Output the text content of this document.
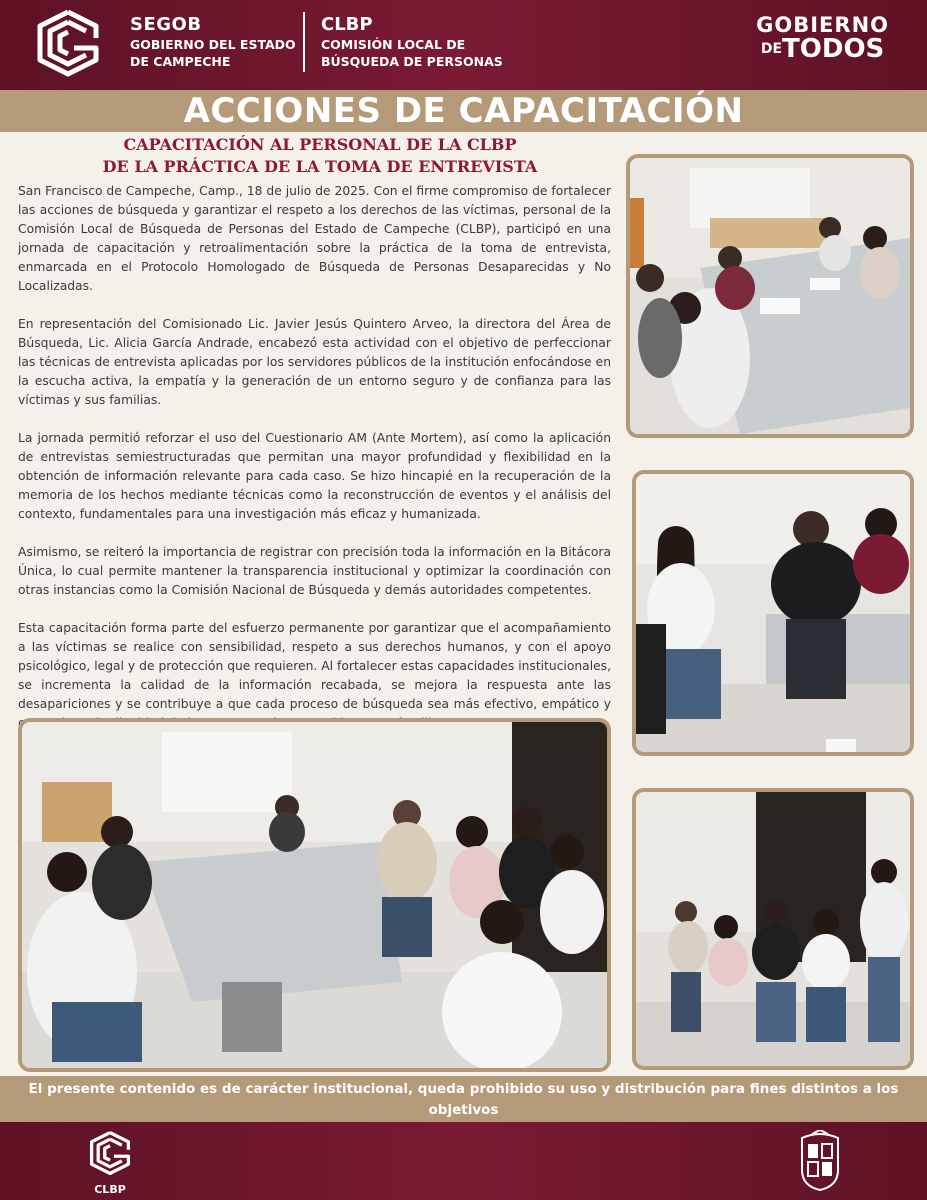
SEGOB
GOBIERNO DEL ESTADO
DE CAMPECHE
CLBP
COMISIÓN LOCAL DE
BÚSQUEDA DE PERSONAS
GOBIERNO
$^{DE}$TODOS
ACCIONES DE CAPACITACIÓN
CAPACITACIÓN AL PERSONAL DE LA CLBP
DE LA PRÁCTICA DE LA TOMA DE ENTREVISTA

San Francisco de Campeche, Camp., 18 de julio de 2025. Con el firme compromiso de fortalecer las acciones de búsqueda y garantizar el respeto a los derechos de las víctimas, personal de la Comisión Local de Búsqueda de Personas del Estado de Campeche (CLBP), participó en una jornada de capacitación y retroalimentación sobre la práctica de la toma de entrevista, enmarcada en el Protocolo Homologado de Búsqueda de Personas Desaparecidas y No Localizadas.

En representación del Comisionado Lic. Javier Jesús Quintero Arveo, la directora del Área de Búsqueda, Lic. Alicia García Andrade, encabezó esta actividad con el objetivo de perfeccionar las técnicas de entrevista aplicadas por los servidores públicos de la institución enfocándose en la escucha activa, la empatía y la generación de un entorno seguro y de confianza para las víctimas y sus familias.

La jornada permitió reforzar el uso del Cuestionario AM (Ante Mortem), así como la aplicación de entrevistas semiestructuradas que permitan una mayor profundidad y flexibilidad en la obtención de información relevante para cada caso. Se hizo hincapié en la recuperación de la memoria de los hechos mediante técnicas como la reconstrucción de eventos y el análisis del contexto, fundamentales para una investigación más eficaz y humanizada.

Asimismo, se reiteró la importancia de registrar con precisión toda la información en la Bitácora Única, lo cual permite mantener la transparencia institucional y optimizar la coordinación con otras instancias como la Comisión Nacional de Búsqueda y demás autoridades competentes.

Esta capacitación forma parte del esfuerzo permanente por garantizar que el acompañamiento a las víctimas se realice con sensibilidad, respeto a sus derechos humanos, y con el apoyo psicológico, legal y de protección que requieren. Al fortalecer estas capacidades institucionales, se incrementa la calidad de la información recabada, se mejora la respuesta ante las desapariciones y se contribuye a que cada proceso de búsqueda sea más efectivo, empático y

El presente contenido es de carácter institucional, queda prohibido su uso y distribución para fines distintos a los objetivos
CLBP
